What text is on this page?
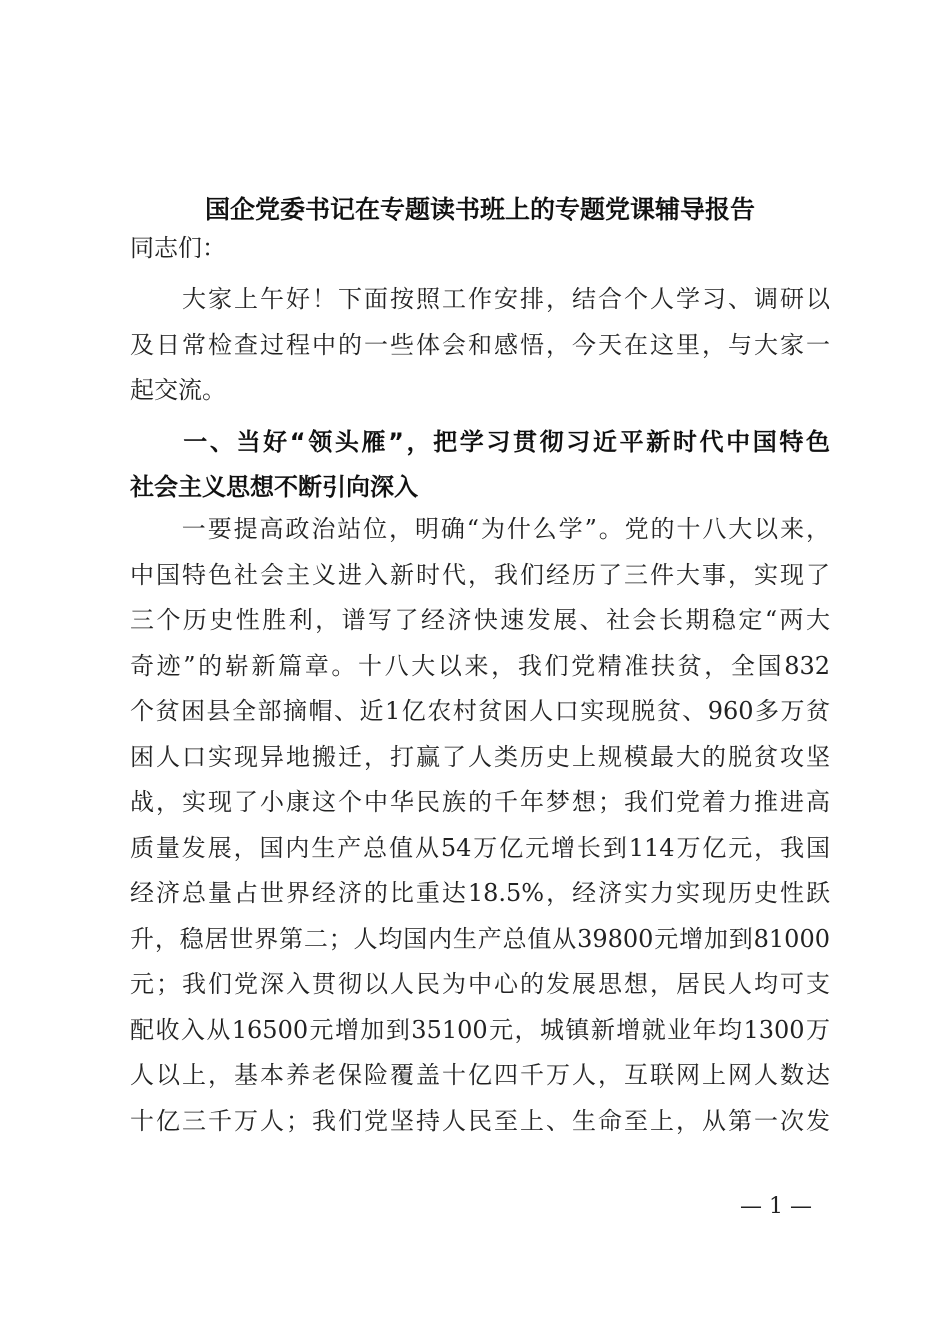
国企党委书记在专题读书班上的专题党课辅导报告
同志们：
　　大家上午好！下面按照工作安排，结合个人学习、调研以
及日常检查过程中的一些体会和感悟，今天在这里，与大家一
起交流。
　　一、当好“领头雁”，把学习贯彻习近平新时代中国特色
社会主义思想不断引向深入
　　一要提高政治站位，明确“为什么学”。党的十八大以来，
中国特色社会主义进入新时代，我们经历了三件大事，实现了
三个历史性胜利，谱写了经济快速发展、社会长期稳定“两大
奇迹”的崭新篇章。十八大以来，我们党精准扶贫，全国832
个贫困县全部摘帽、近1亿农村贫困人口实现脱贫、960多万贫
困人口实现异地搬迁，打赢了人类历史上规模最大的脱贫攻坚
战，实现了小康这个中华民族的千年梦想；我们党着力推进高
质量发展，国内生产总值从54万亿元增长到114万亿元，我国
经济总量占世界经济的比重达18.5%，经济实力实现历史性跃
升，稳居世界第二；人均国内生产总值从39800元增加到81000
元；我们党深入贯彻以人民为中心的发展思想，居民人均可支
配收入从16500元增加到35100元，城镇新增就业年均1300万
人以上，基本养老保险覆盖十亿四千万人，互联网上网人数达
十亿三千万人；我们党坚持人民至上、生命至上，从第一次发
— 1 —
